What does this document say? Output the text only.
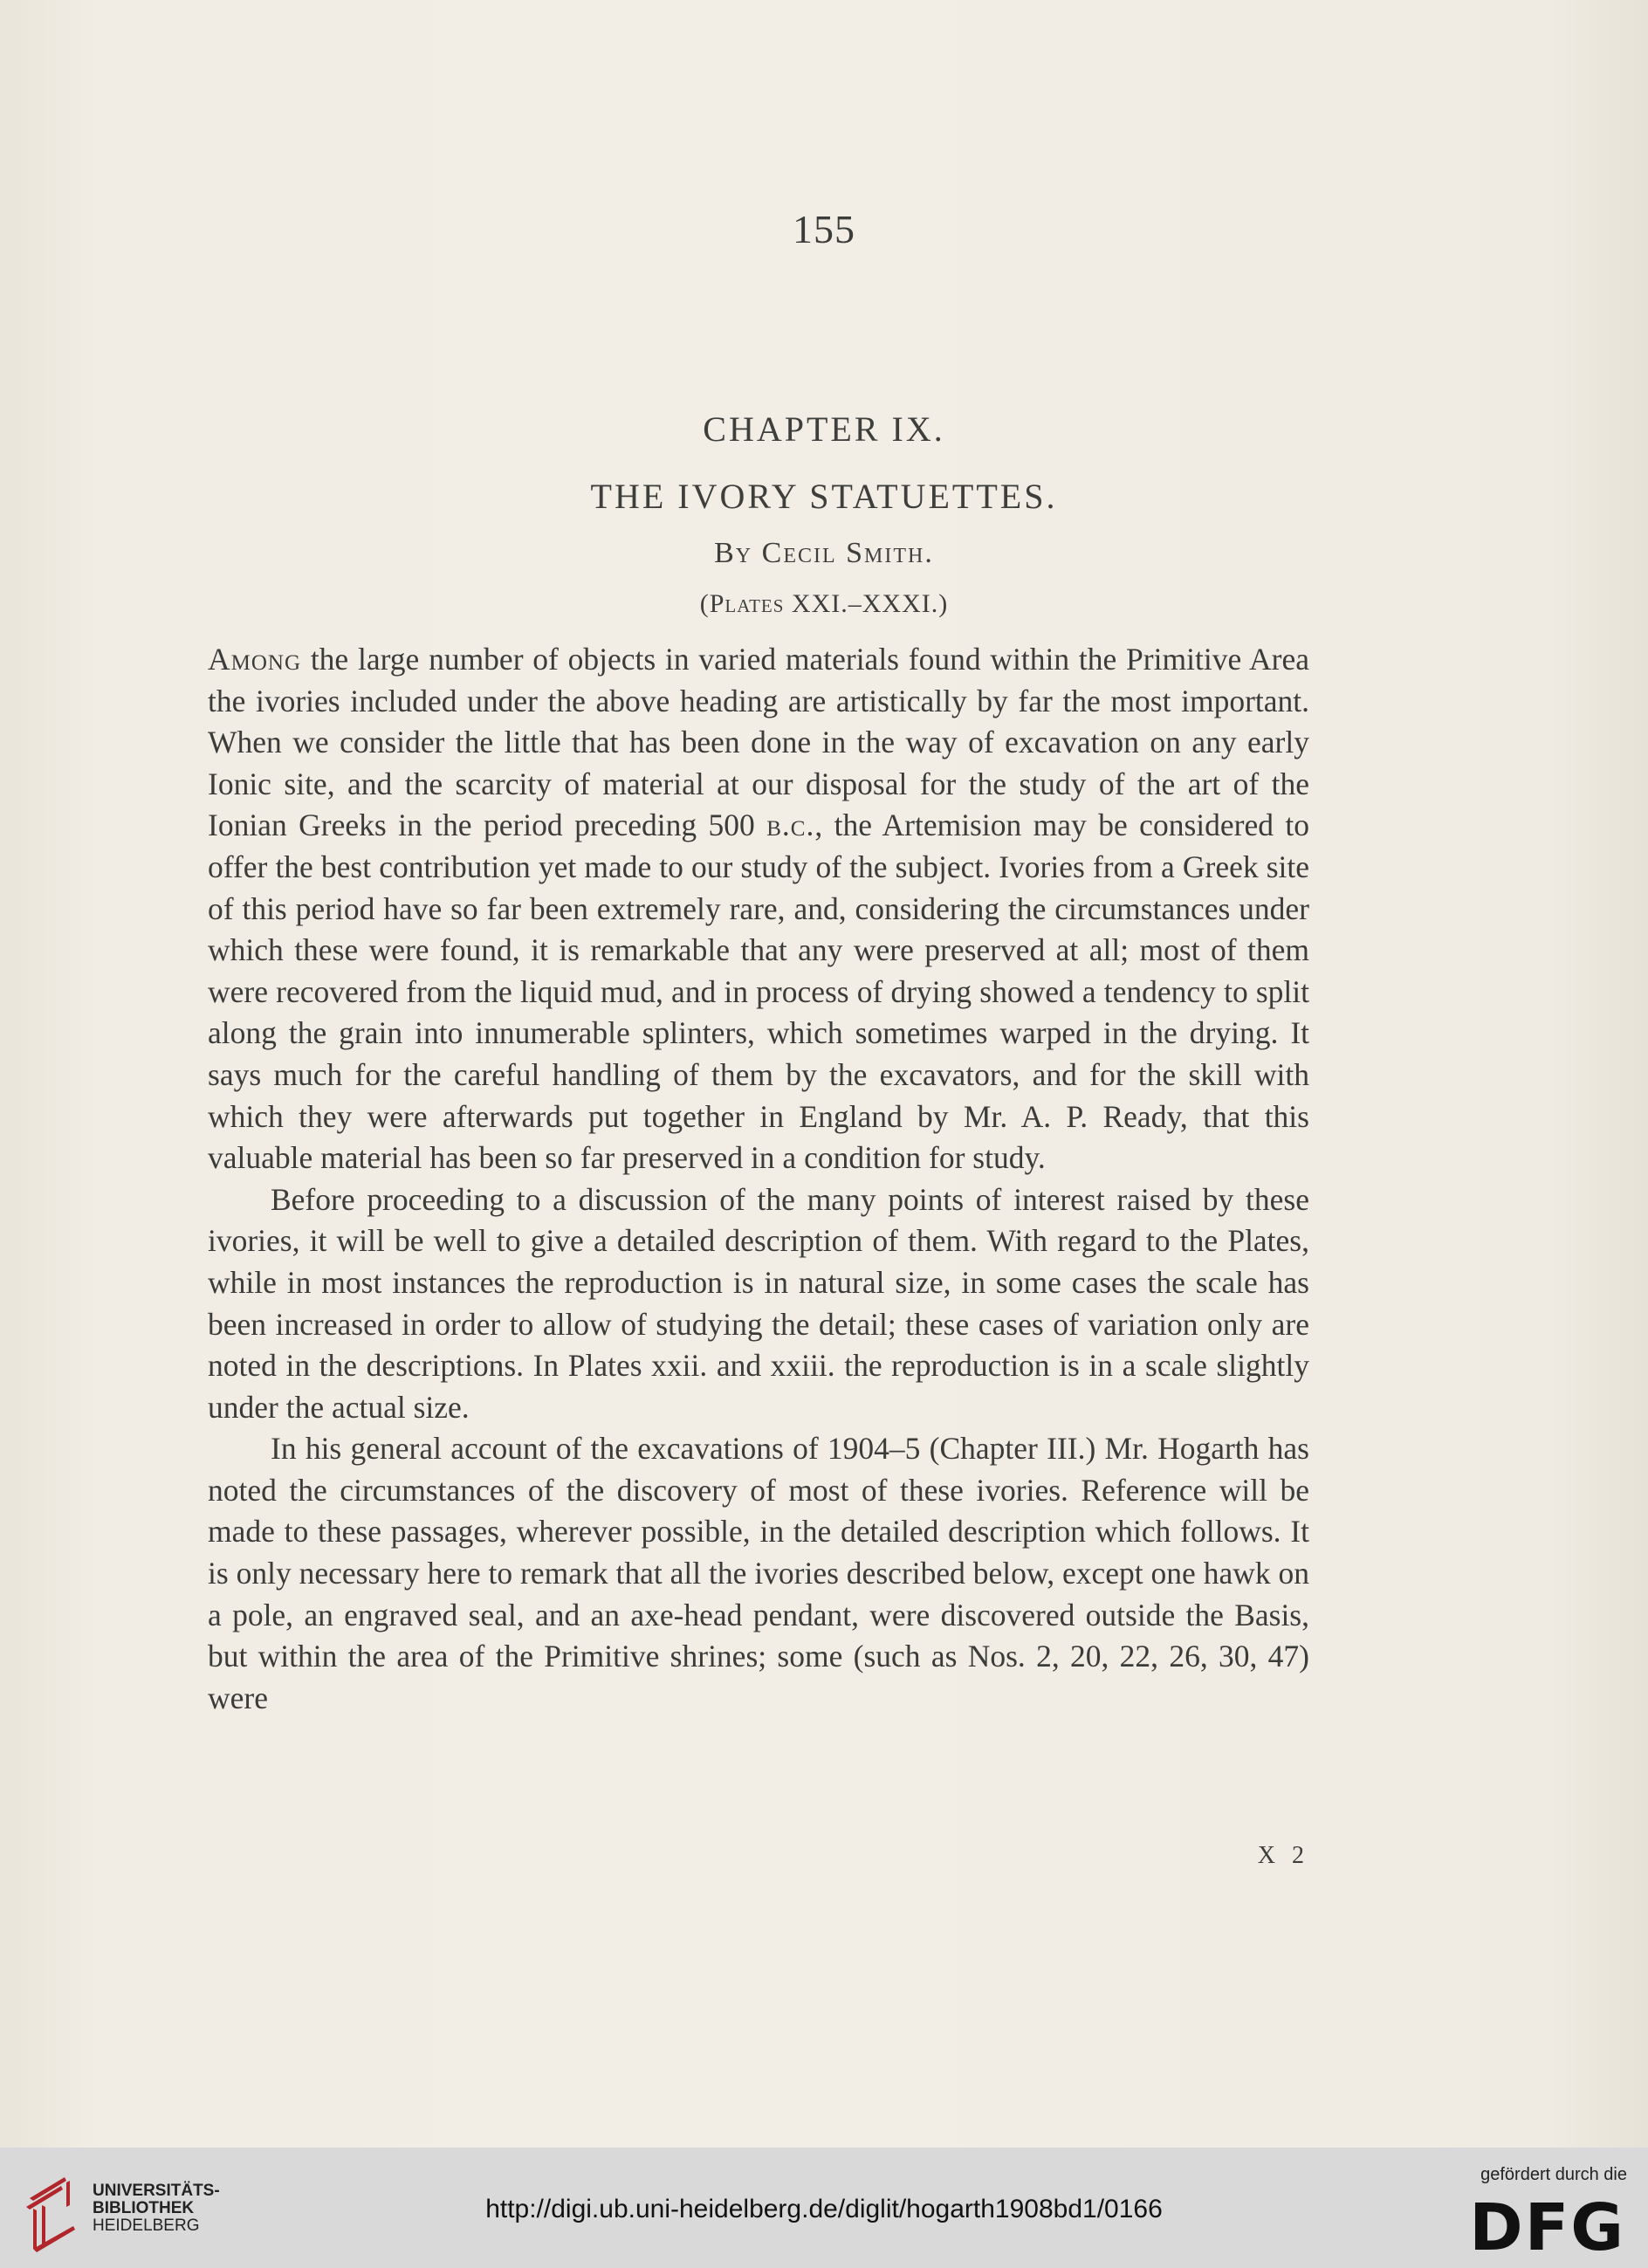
155
CHAPTER IX.
THE IVORY STATUETTES.
By Cecil Smith.
(Plates XXI.–XXXI.)

Among the large number of objects in varied materials found within the Primitive Area the ivories included under the above heading are artistically by far the most important. When we consider the little that has been done in the way of excavation on any early Ionic site, and the scarcity of material at our disposal for the study of the art of the Ionian Greeks in the period preceding 500 b.c., the Artemision may be considered to offer the best contribution yet made to our study of the subject. Ivories from a Greek site of this period have so far been extremely rare, and, considering the circumstances under which these were found, it is remarkable that any were preserved at all; most of them were recovered from the liquid mud, and in process of drying showed a tendency to split along the grain into innumerable splinters, which sometimes warped in the drying. It says much for the careful handling of them by the excavators, and for the skill with which they were afterwards put together in England by Mr. A. P. Ready, that this valuable material has been so far preserved in a condition for study.

Before proceeding to a discussion of the many points of interest raised by these ivories, it will be well to give a detailed description of them. With regard to the Plates, while in most instances the reproduction is in natural size, in some cases the scale has been increased in order to allow of studying the detail; these cases of variation only are noted in the descriptions. In Plates xxii. and xxiii. the reproduction is in a scale slightly under the actual size.

In his general account of the excavations of 1904–5 (Chapter III.) Mr. Hogarth has noted the circumstances of the discovery of most of these ivories. Reference will be made to these passages, wherever possible, in the detailed description which follows. It is only necessary here to remark that all the ivories described below, except one hawk on a pole, an engraved seal, and an axe-head pendant, were discovered outside the Basis, but within the area of the Primitive shrines; some (such as Nos. 2, 20, 22, 26, 30, 47) were

X 2
UNIVERSITÄTS-
BIBLIOTHEK
HEIDELBERG
http://digi.ub.uni-heidelberg.de/diglit/hogarth1908bd1/0166
gefördert durch die
DFG
